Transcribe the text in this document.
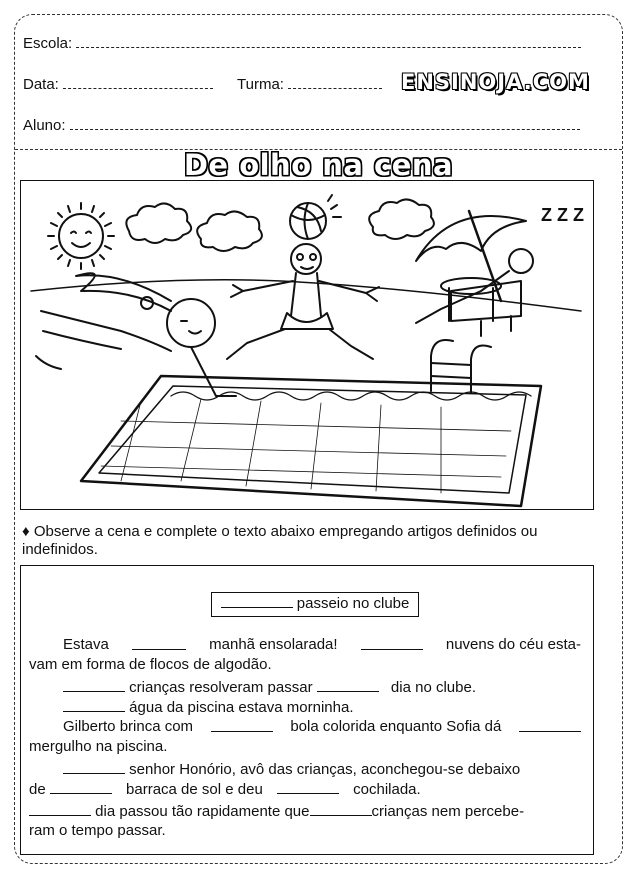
Escola:
Data:	Turma:	ENSINOJA.COM
Aluno:
De olho na cena
Z Z Z
♦ Observe a cena e complete o texto abaixo empregando artigos definidos ou indefinidos.
passeio no clube
Estava	manhã ensolarada!	nuvens do céu esta-
vam em forma de flocos de algodão.
crianças resolveram passar	dia no clube.
água da piscina estava morninha.
Gilberto brinca com	bola colorida enquanto Sofia dá
mergulho na piscina.
senhor Honório, avô das crianças, aconchegou-se debaixo
de	barraca de sol e deu	cochilada.
dia passou tão rapidamente que	crianças nem percebe-
ram o tempo passar.
